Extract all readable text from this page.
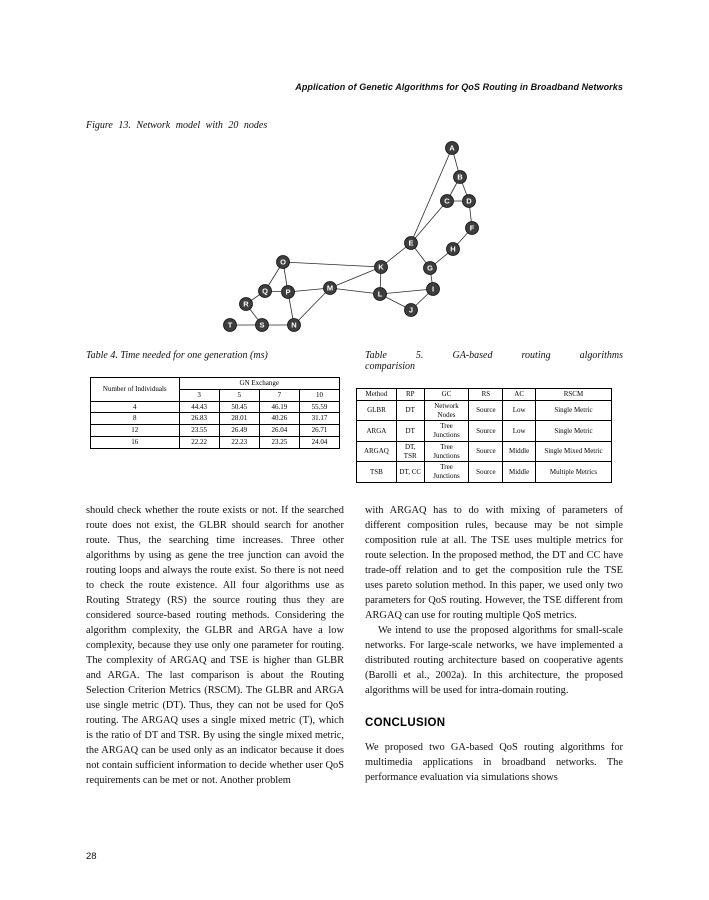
Application of Genetic Algorithms for QoS Routing in Broadband Networks
Figure 13. Network model with 20 nodes
A
B
C D
F
H
E
G
K
O
I
L
M
P
Q
R
J
T	S	N
Table 4. Time needed for one generation (ms)	Table 5. GA-based routing algorithms comparision
Number of Individuals	GN Exchange			
	3	5	7	10
4	44.43	50.45	46.19	55.59
8	26.83	28.01	40.26	31.17
12	23.55	26.49	26.04	26.71
16	22.22	22.23	23.25	24.04
Method	RP	GC	RS	AC	RSCM
GLBR	DT	Network Nodes	Source	Low	Single Metric
ARGA	DT	Tree Junctions	Source	Low	Single Metric
ARGAQ	DT, TSR	Tree Junctions	Source	Middle	Single Mixed Metric
TSB	DT, CC	Tree Junctions	Source	Middle	Multiple Metrics

should check whether the route exists or not. If the searched route does not exist, the GLBR should search for another route. Thus, the searching time increases. Three other algorithms by using as gene the tree junction can avoid the routing loops and always the route exist. So there is not need to check the route existence. All four algorithms use as Routing Strategy (RS) the source routing thus they are considered source-based routing methods. Considering the algorithm complexity, the GLBR and ARGA have a low complexity, because they use only one parameter for routing. The complexity of ARGAQ and TSE is higher than GLBR and ARGA. The last comparison is about the Routing Selection Criterion Metrics (RSCM). The GLBR and ARGA use single metric (DT). Thus, they can not be used for QoS routing. The ARGAQ uses a single mixed metric (T), which is the ratio of DT and TSR. By using the single mixed metric, the ARGAQ can be used only as an indicator because it does not contain sufficient information to decide whether user QoS requirements can be met or not. Another problem

with ARGAQ has to do with mixing of parameters of different composition rules, because may be not simple composition rule at all. The TSE uses multiple metrics for route selection. In the proposed method, the DT and CC have trade-off relation and to get the composition rule the TSE uses pareto solution method. In this paper, we used only two parameters for QoS routing. However, the TSE different from ARGAQ can use for routing multiple QoS metrics.

We intend to use the proposed algorithms for small-scale networks. For large-scale networks, we have implemented a distributed routing architecture based on cooperative agents (Barolli et al., 2002a). In this architecture, the proposed algorithms will be used for intra-domain routing.

CONCLUSION

We proposed two GA-based QoS routing algorithms for multimedia applications in broadband networks. The performance evaluation via simulations shows

28
